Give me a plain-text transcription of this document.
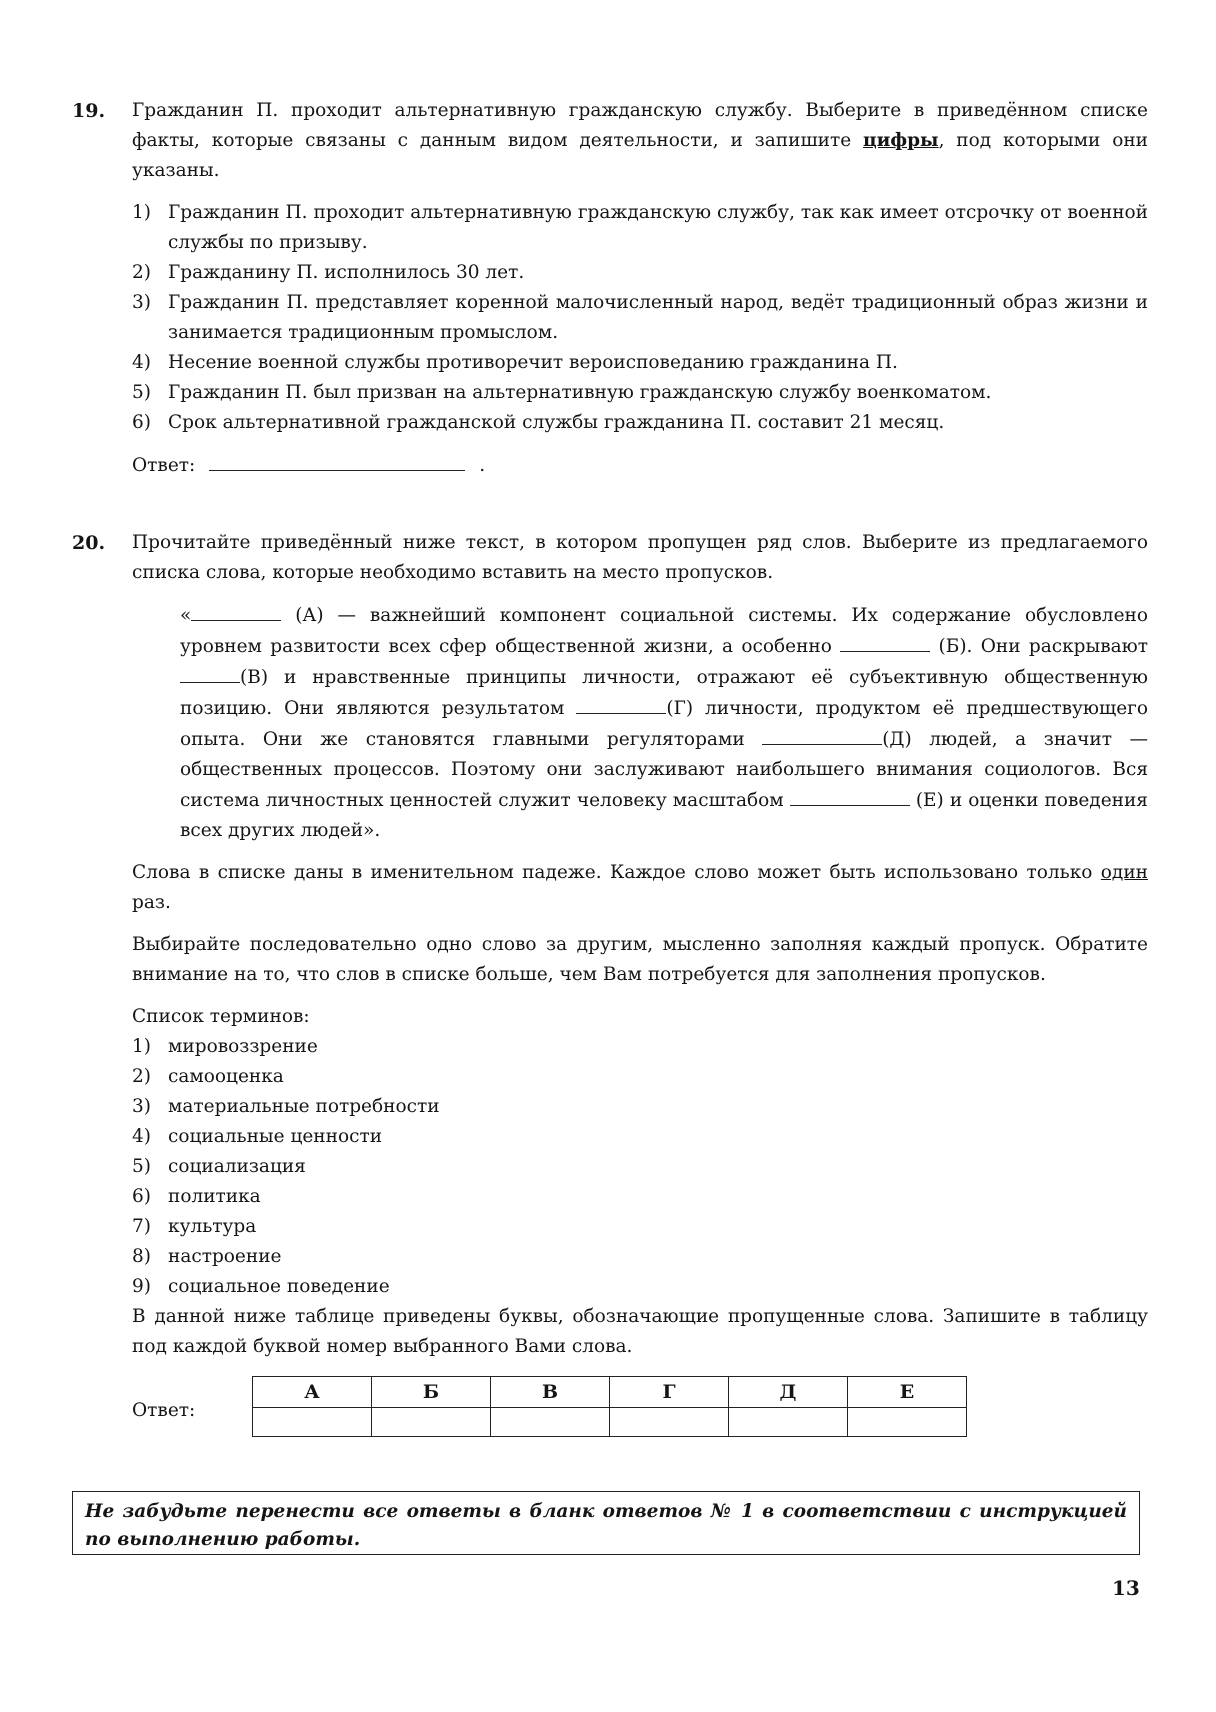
19. Гражданин П. проходит альтернативную гражданскую службу. Выберите в приведённом списке факты, которые связаны с данным видом деятельности, и запишите цифры, под которыми они указаны.

1) Гражданин П. проходит альтернативную гражданскую службу, так как имеет отсрочку от военной службы по призыву.
2) Гражданину П. исполнилось 30 лет.
3) Гражданин П. представляет коренной малочисленный народ, ведёт традиционный образ жизни и занимается традиционным промыслом.
4) Несение военной службы противоречит вероисповеданию гражданина П.
5) Гражданин П. был призван на альтернативную гражданскую службу военкоматом.
6) Срок альтернативной гражданской службы гражданина П. составит 21 месяц.

Ответ:	.

20. Прочитайте приведённый ниже текст, в котором пропущен ряд слов. Выберите из предлагаемого списка слова, которые необходимо вставить на место пропусков.

«	(А) — важнейший компонент социальной системы. Их содержание обусловлено уровнем развитости всех сфер общественной жизни, а особенно	(Б). Они раскрывают (В) и нравственные принципы личности, отражают её субъективную общественную позицию. Они являются результатом	(Г) личности, продуктом её предшествующего опыта. Они же становятся главными регуляторами	(Д) людей, а значит — общественных процессов. Поэтому они заслуживают наибольшего внимания социологов. Вся система личностных ценностей служит человеку масштабом	(Е) и оценки поведения всех других людей».

Слова в списке даны в именительном падеже. Каждое слово может быть использовано только один раз.

Выбирайте последовательно одно слово за другим, мысленно заполняя каждый пропуск. Обратите внимание на то, что слов в списке больше, чем Вам потребуется для заполнения пропусков.

Список терминов:

1) мировоззрение
2) самооценка
3) материальные потребности
4) социальные ценности
5) социализация
6) политика
7) культура
8) настроение
9) социальное поведение

В данной ниже таблице приведены буквы, обозначающие пропущенные слова. Запишите в таблицу под каждой буквой номер выбранного Вами слова.

Ответ:
А	Б	В	Г	Д	Е

Не забудьте перенести все ответы в бланк ответов № 1 в соответствии с инструкцией по выполнению работы.
13
